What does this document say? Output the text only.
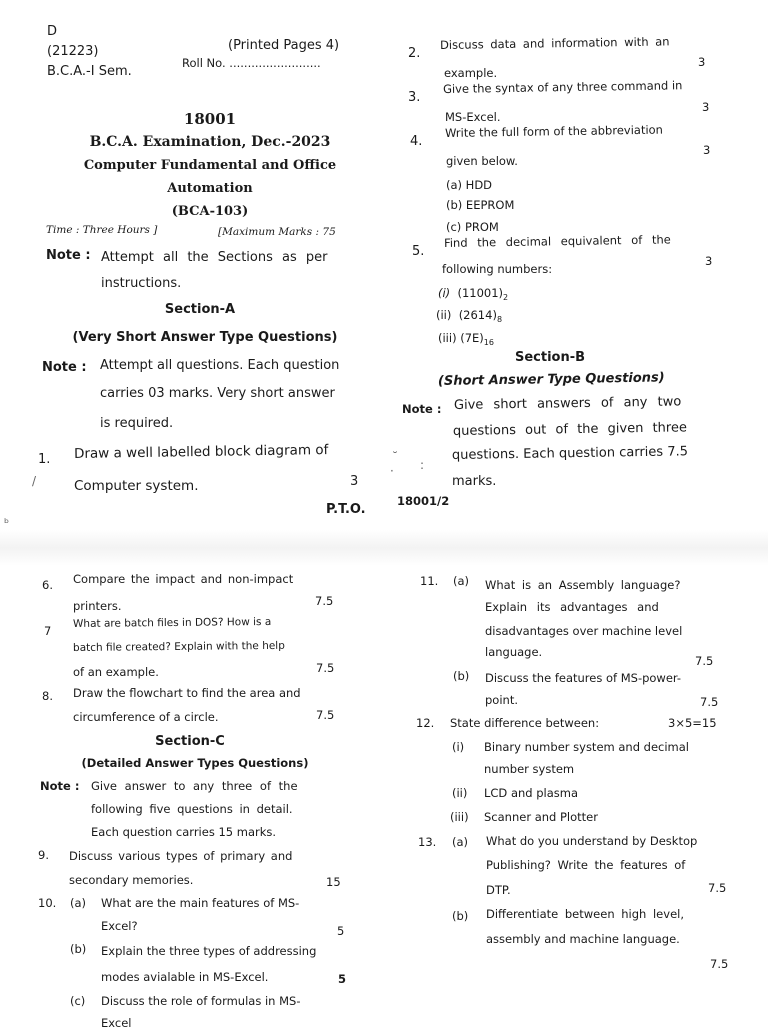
D
(21223)	(Printed Pages 4)
Roll No. .........................
B.C.A.-I Sem.
18001
B.C.A. Examination, Dec.-2023
Computer Fundamental and Office
Automation
(BCA-103)
Time : Three Hours ]	[Maximum Marks : 75
Note : Attempt all the Sections as per
instructions.
Section-A
(Very Short Answer Type Questions)
Note : Attempt all questions. Each question
carries 03 marks. Very short answer
is required.
1. Draw a well labelled block diagram of
Computer system.	3
P.T.O.
2.
Discuss data and information with an
example.
3
3.
Give the syntax of any three command in
MS-Excel.
3
4.
Write the full form of the abbreviation
given below.
3
(a) HDD
(b) EEPROM
(c) PROM
5.
Find the decimal equivalent of the
following numbers:
3
(i) $(11001)_2$
(ii) $(2614)_8$
(iii) $(7E)_{16}$
Section-B
(Short Answer Type Questions)
Note : Give short answers of any two
questions out of the given three
questions. Each question carries 7.5
marks.
18001/2
˘
· :
ᵇ
/
6. Compare the impact and non-impact
printers.	7.5
7
What are batch files in DOS? How is a
batch file created? Explain with the help
of an example.	7.5
8. Draw the flowchart to find the area and
circumference of a circle.	7.5
Section-C
(Detailed Answer Types Questions)
Note : Give answer to any three of the
following five questions in detail.
Each question carries 15 marks.
9. Discuss various types of primary and
secondary memories.	15
10. (a) What are the main features of MS-
Excel?	5
(b) Explain the three types of addressing
modes avialable in MS-Excel.	5
(c) Discuss the role of formulas in MS-
Excel
11. (a) What is an Assembly language?
Explain its advantages and
disadvantages over machine level
language.
7.5
(b) Discuss the features of MS-power-
point.	7.5
12. State difference between:	3×5=15
(i) Binary number system and decimal
number system
(ii) LCD and plasma
(iii) Scanner and Plotter
13. (a) What do you understand by Desktop
Publishing? Write the features of
DTP.	7.5
(b) Differentiate between high level,
assembly and machine language.
7.5
